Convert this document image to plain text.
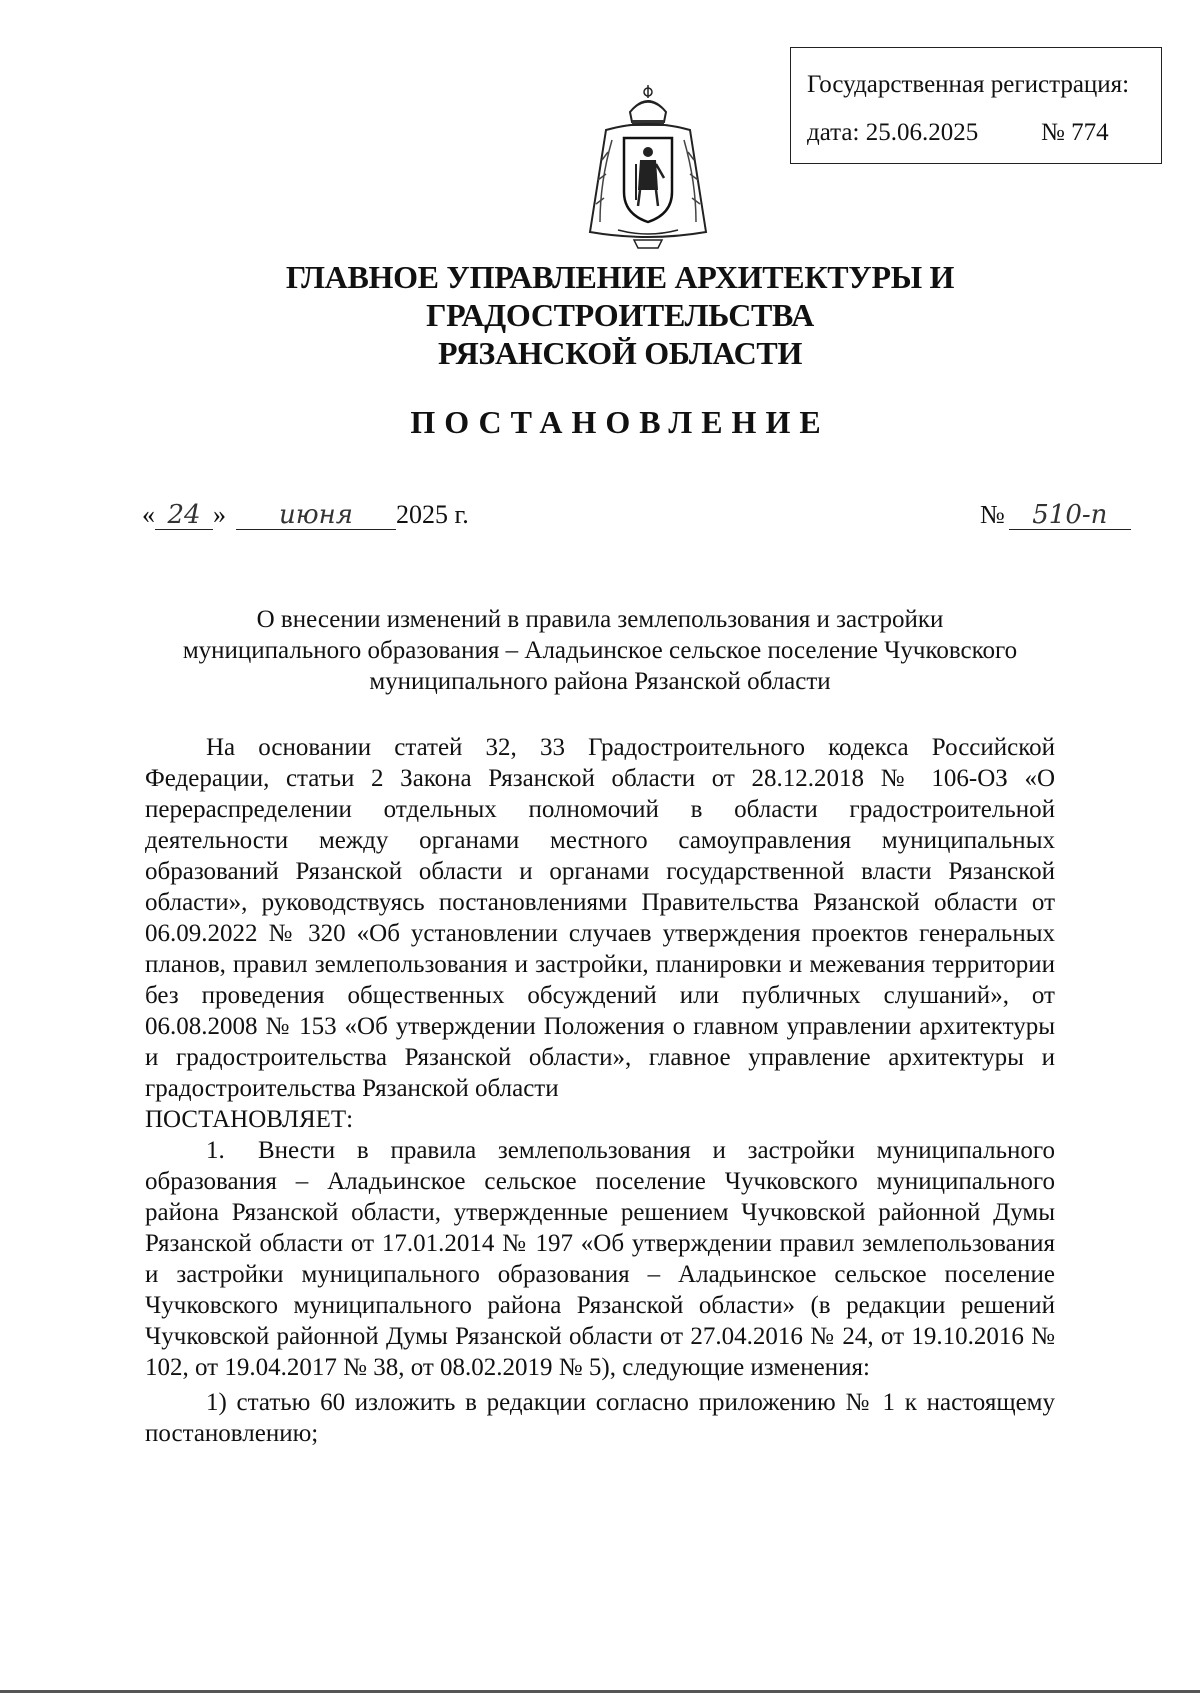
Государственная регистрация:
дата: 25.06.2025	№ 774
ГЛАВНОЕ УПРАВЛЕНИЕ АРХИТЕКТУРЫ И ГРАДОСТРОИТЕЛЬСТВА
РЯЗАНСКОЙ ОБЛАСТИ
ПОСТАНОВЛЕНИЕ
« 24 » июня 2025 г.	№ 510-п
О внесении изменений в правила землепользования и застройки
муниципального образования – Аладьинское сельское поселение Чучковского
муниципального района Рязанской области

На основании статей 32, 33 Градостроительного кодекса Российской Федерации, статьи 2 Закона Рязанской области от 28.12.2018 № 106-ОЗ «О перераспределении отдельных полномочий в области градостроительной деятельности между органами местного самоуправления муниципальных образований Рязанской области и органами государственной власти Рязанской области», руководствуясь постановлениями Правительства Рязанской области от 06.09.2022 № 320 «Об установлении случаев утверждения проектов генеральных планов, правил землепользования и застройки, планировки и межевания территории без проведения общественных обсуждений или публичных слушаний», от 06.08.2008 № 153 «Об утверждении Положения о главном управлении архитектуры и градостроительства Рязанской области», главное управление архитектуры и градостроительства Рязанской области

ПОСТАНОВЛЯЕТ:

1. Внести в правила землепользования и застройки муниципального образования – Аладьинское сельское поселение Чучковского муниципального района Рязанской области, утвержденные решением Чучковской районной Думы Рязанской области от 17.01.2014 № 197 «Об утверждении правил землепользования и застройки муниципального образования – Аладьинское сельское поселение Чучковского муниципального района Рязанской области» (в редакции решений Чучковской районной Думы Рязанской области от 27.04.2016 № 24, от 19.10.2016 № 102, от 19.04.2017 № 38, от 08.02.2019 № 5), следующие изменения:

1) статью 60 изложить в редакции согласно приложению № 1 к настоящему постановлению;
